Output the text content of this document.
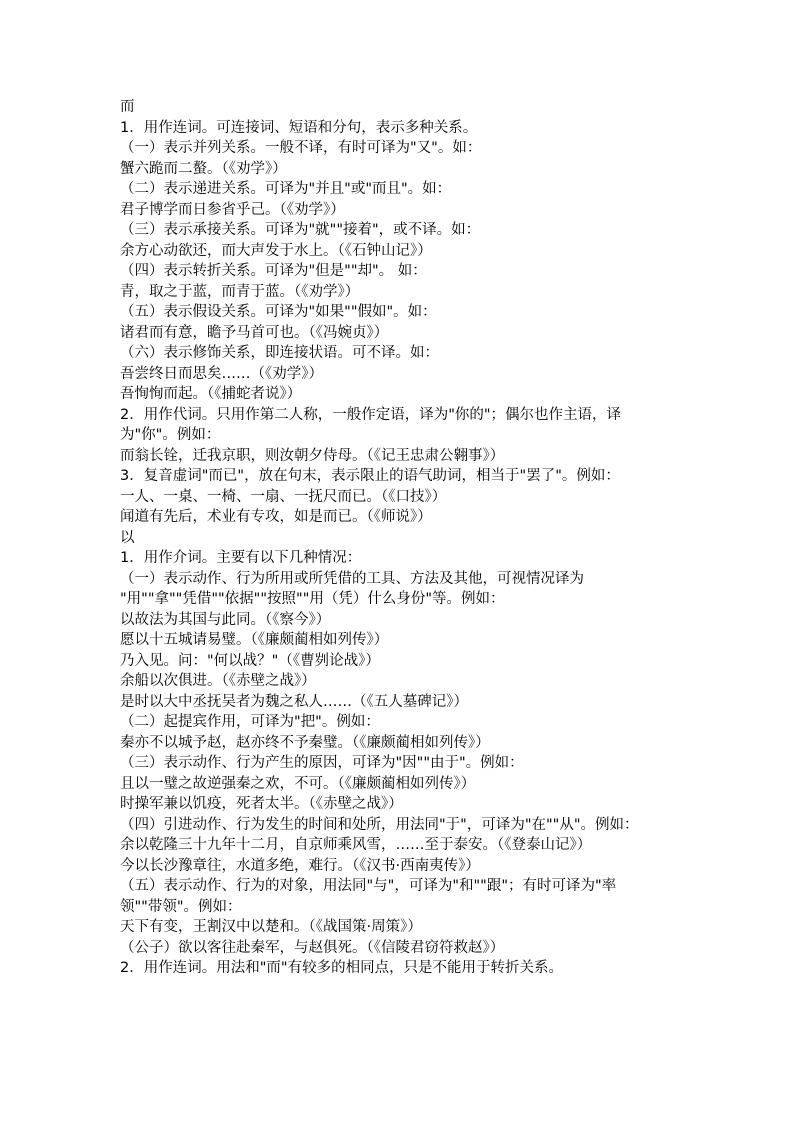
而
1．用作连词。可连接词、短语和分句，表示多种关系。
（一）表示并列关系。一般不译，有时可译为"又"。如：
蟹六跪而二螯。（《劝学》）
（二）表示递进关系。可译为"并且"或"而且"。如：
君子博学而日参省乎己。（《劝学》）
（三）表示承接关系。可译为"就""接着"，或不译。如：
余方心动欲还，而大声发于水上。（《石钟山记》）
（四）表示转折关系。可译为"但是""却"。 如：
青，取之于蓝，而青于蓝。（《劝学》）
（五）表示假设关系。可译为"如果""假如"。如：
诸君而有意，瞻予马首可也。（《冯婉贞》）
（六）表示修饰关系，即连接状语。可不译。如：
吾尝终日而思矣……（《劝学》）
吾恂恂而起。（《捕蛇者说》）
2．用作代词。只用作第二人称，一般作定语，译为"你的"；偶尔也作主语，译
为"你"。例如：
而翁长铨，迁我京职，则汝朝夕侍母。（《记王忠肃公翱事》）
3．复音虚词"而已"，放在句末，表示限止的语气助词，相当于"罢了"。例如：
一人、一桌、一椅、一扇、一抚尺而已。（《口技》）
闻道有先后，术业有专攻，如是而已。（《师说》）
以
1．用作介词。主要有以下几种情况：
（一）表示动作、行为所用或所凭借的工具、方法及其他，可视情况译为
"用""拿""凭借""依据""按照""用（凭）什么身份"等。例如：
以故法为其国与此同。（《察今》）
愿以十五城请易璧。（《廉颇蔺相如列传》）
乃入见。问："何以战？"（《曹刿论战》）
余船以次俱进。（《赤壁之战》）
是时以大中丞抚吴者为魏之私人……（《五人墓碑记》）
（二）起提宾作用，可译为"把"。例如：
秦亦不以城予赵，赵亦终不予秦璧。（《廉颇蔺相如列传》）
（三）表示动作、行为产生的原因，可译为"因""由于"。例如：
且以一璧之故逆强秦之欢，不可。（《廉颇蔺相如列传》）
时操军兼以饥疫，死者太半。（《赤壁之战》）
（四）引进动作、行为发生的时间和处所，用法同"于"，可译为"在""从"。例如：
余以乾隆三十九年十二月，自京师乘风雪，……至于泰安。（《登泰山记》）
今以长沙豫章往，水道多绝，难行。（《汉书·西南夷传》）
（五）表示动作、行为的对象，用法同"与"，可译为"和""跟"；有时可译为"率
领""带领"。例如：
天下有变，王割汉中以楚和。（《战国策·周策》）
（公子）欲以客往赴秦军，与赵俱死。（《信陵君窃符救赵》）
2．用作连词。用法和"而"有较多的相同点，只是不能用于转折关系。
